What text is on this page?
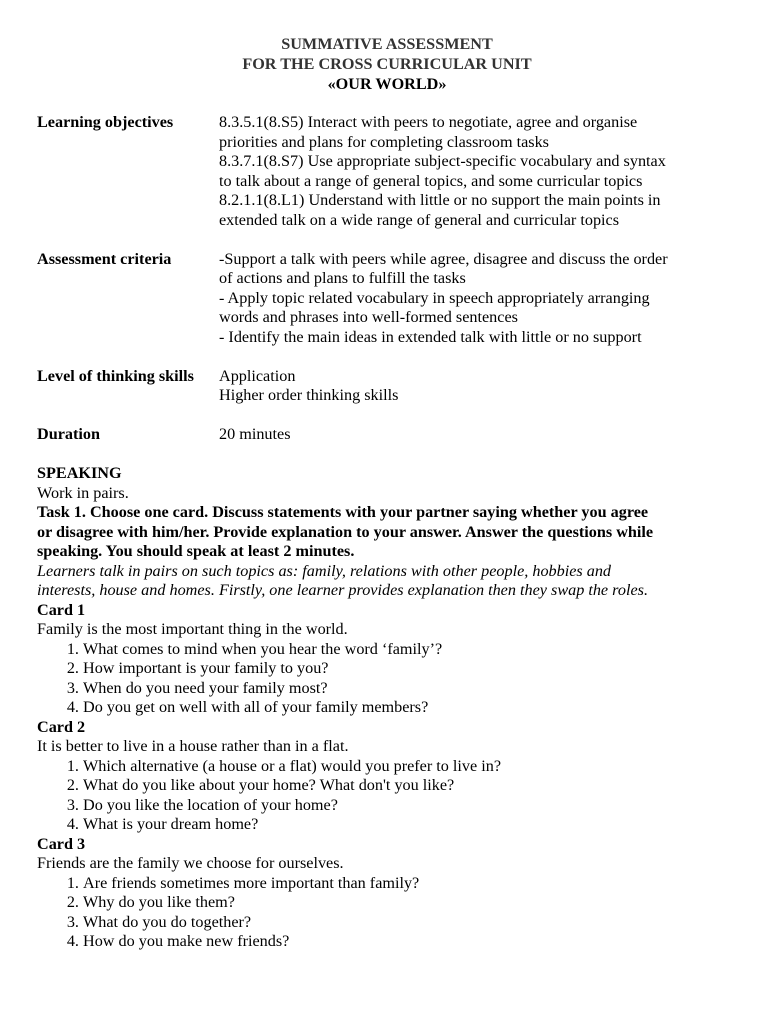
SUMMATIVE ASSESSMENT
FOR THE CROSS CURRICULAR UNIT
«OUR WORLD»
Learning objectives	8.3.5.1(8.S5) Interact with peers to negotiate, agree and organise
priorities and plans for completing classroom tasks
8.3.7.1(8.S7) Use appropriate subject-specific vocabulary and syntax
to talk about a range of general topics, and some curricular topics
8.2.1.1(8.L1) Understand with little or no support the main points in
extended talk on a wide range of general and curricular topics
Assessment criteria	-Support a talk with peers while agree, disagree and discuss the order
of actions and plans to fulfill the tasks
- Apply topic related vocabulary in speech appropriately arranging
words and phrases into well-formed sentences
- Identify the main ideas in extended talk with little or no support
Level of thinking skills	Application
Higher order thinking skills
Duration	20 minutes
SPEAKING
Work in pairs.
Task 1. Choose one card. Discuss statements with your partner saying whether you agree
or disagree with him/her. Provide explanation to your answer. Answer the questions while
speaking. You should speak at least 2 minutes.
Learners talk in pairs on such topics as: family, relations with other people, hobbies and
interests, house and homes. Firstly, one learner provides explanation then they swap the roles.
Card 1
Family is the most important thing in the world.
1. What comes to mind when you hear the word ‘family’?
2. How important is your family to you?
3. When do you need your family most?
4. Do you get on well with all of your family members?
Card 2
It is better to live in a house rather than in a flat.
1. Which alternative (a house or a flat) would you prefer to live in?
2. What do you like about your home? What don't you like?
3. Do you like the location of your home?
4. What is your dream home?
Card 3
Friends are the family we choose for ourselves.
1. Are friends sometimes more important than family?
2. Why do you like them?
3. What do you do together?
4. How do you make new friends?
